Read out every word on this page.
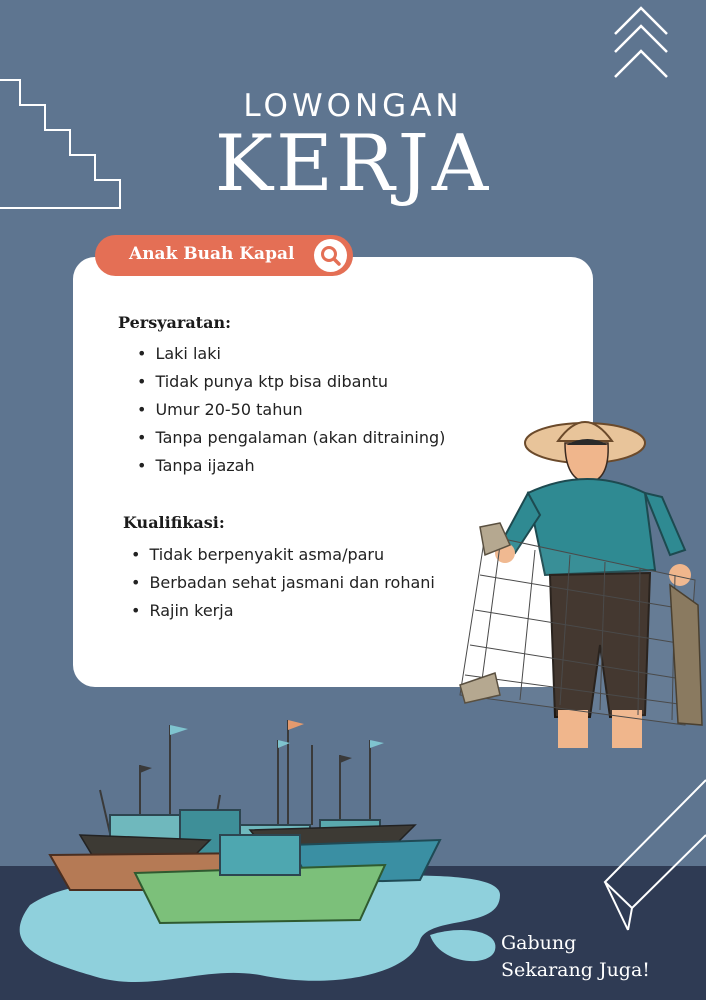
LOWONGAN
KERJA
Anak Buah Kapal
Persyaratan:
• Laki laki
• Tidak punya ktp bisa dibantu
• Umur 20-50 tahun
• Tanpa pengalaman (akan ditraining)
• Tanpa ijazah
Kualifikasi:
• Tidak berpenyakit asma/paru
• Berbadan sehat jasmani dan rohani
• Rajin kerja
Gabung
Sekarang Juga!
